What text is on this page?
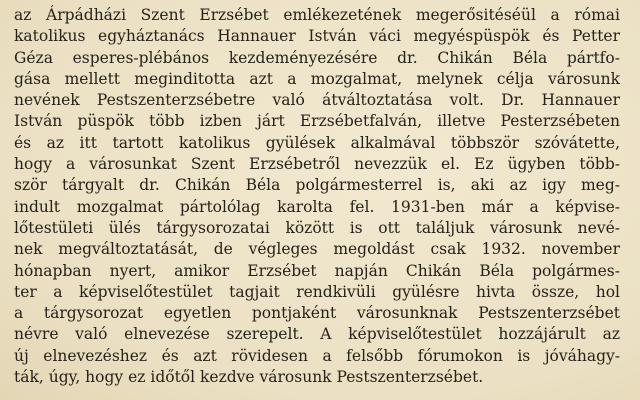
az Árpádházi Szent Erzsébet emlékezetének megerősitéséül a római
katolikus egyháztanács Hannauer István váci megyéspüspök és Petter
Géza esperes-plébános kezdeményezésére dr. Chikán Béla pártfo-
gása mellett meginditotta azt a mozgalmat, melynek célja városunk
nevének Pestszenterzsébetre való átváltoztatása volt. Dr. Hannauer
István püspök több izben járt Erzsébetfalván, illetve Pesterzsébeten
és az itt tartott katolikus gyülések alkalmával többször szóvátette,
hogy a városunkat Szent Erzsébetről nevezzük el. Ez ügyben több-
ször tárgyalt dr. Chikán Béla polgármesterrel is, aki az igy meg-
indult mozgalmat pártolólag karolta fel. 1931-ben már a képvise-
lőtestületi ülés tárgysorozatai között is ott találjuk városunk nevé-
nek megváltoztatását, de végleges megoldást csak 1932. november
hónapban nyert, amikor Erzsébet napján Chikán Béla polgármes-
ter a képviselőtestület tagjait rendkivüli gyülésre hivta össze, hol
a tárgysorozat egyetlen pontjaként városunknak Pestszenterzsébet
névre való elnevezése szerepelt. A képviselőtestület hozzájárult az
új elnevezéshez és azt rövidesen a felsőbb fórumokon is jóváhagy-
ták, úgy, hogy ez időtől kezdve városunk Pestszenterzsébet.
